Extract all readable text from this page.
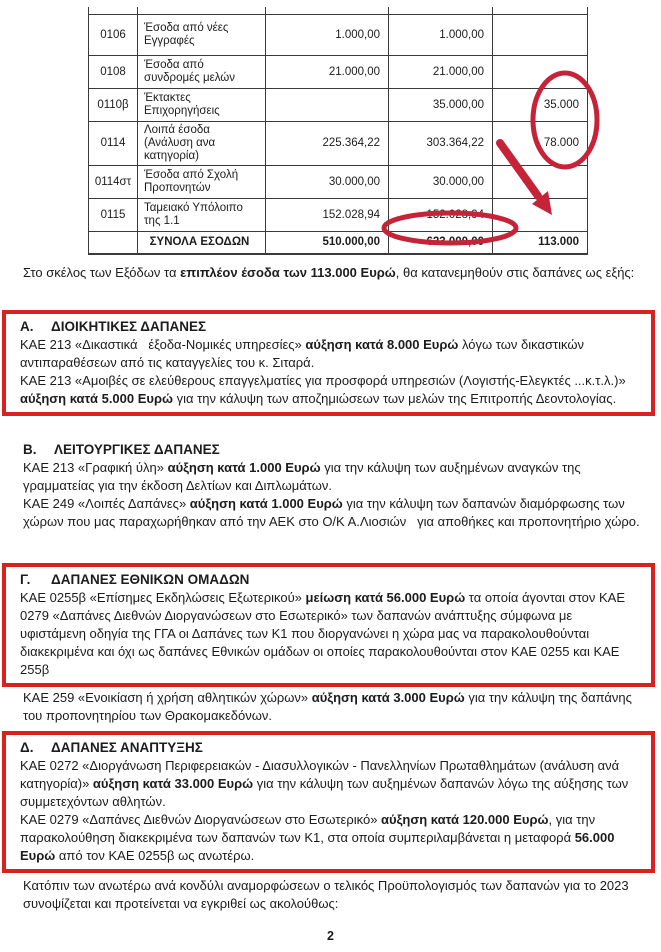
0106	Έσοδα από νέες Εγγραφές	1.000,00	1.000,00	
0108	Έσοδα από συνδρομές μελών	21.000,00	21.000,00	
0110β	Έκτακτες Επιχορηγήσεις		35.000,00	35.000
0114	Λοιπά έσοδα (Ανάλυση ανα κατηγορία)	225.364,22	303.364,22	78.000
0114στ	Έσοδα από Σχολή Προπονητών	30.000,00	30.000,00	
0115	Ταμειακό Υπόλοιπο της 1.1	152.028,94	152.028,94	
	ΣΥΝΟΛΑ ΕΣΟΔΩΝ	510.000,00	623.000,00	113.000

Στο σκέλος των Εξόδων τα επιπλέον έσοδα των 113.000 Ευρώ, θα κατανεμηθούν στις δαπάνες ως εξής:

Α. ΔΙΟΙΚΗΤΙΚΕΣ ΔΑΠΑΝΕΣ
ΚΑΕ 213 «Δικαστικά   έξοδα-Νομικές υπηρεσίες» αύξηση κατά 8.000 Ευρώ λόγω των δικαστικών αντιπαραθέσεων από τις καταγγελίες του κ. Σιταρά.
ΚΑΕ 213 «Αμοιβές σε ελεύθερους επαγγελματίες για προσφορά υπηρεσιών (Λογιστής-Ελεγκτές ...κ.τ.λ.)» αύξηση κατά 5.000 Ευρώ για την κάλυψη των αποζημιώσεων των μελών της Επιτροπής Δεοντολογίας.
Β. ΛΕΙΤΟΥΡΓΙΚΕΣ ΔΑΠΑΝΕΣ
ΚΑΕ 213 «Γραφική ύλη» αύξηση κατά 1.000 Ευρώ για την κάλυψη των αυξημένων αναγκών της γραμματείας για την έκδοση Δελτίων και Διπλωμάτων.
ΚΑΕ 249 «Λοιπές Δαπάνες» αύξηση κατά 1.000 Ευρώ για την κάλυψη των δαπανών διαμόρφωσης των χώρων που μας παραχωρήθηκαν από την ΑΕΚ στο Ο/Κ Α.Λιοσιών   για αποθήκες και προπονητήριο χώρο.
Γ. ΔΑΠΑΝΕΣ ΕΘΝΙΚΩΝ ΟΜΑΔΩΝ
ΚΑΕ 0255β «Επίσημες Εκδηλώσεις Εξωτερικού» μείωση κατά 56.000 Ευρώ τα οποία άγονται στον ΚΑΕ 0279 «Δαπάνες Διεθνών Διοργανώσεων στο Εσωτερικό» των δαπανών ανάπτυξης σύμφωνα με υφιστάμενη οδηγία της ΓΓΑ οι Δαπάνες των Κ1 που διοργανώνει η χώρα μας να παρακολουθούνται διακεκριμένα και όχι ως δαπάνες Εθνικών ομάδων οι οποίες παρακολουθούνται στον ΚΑΕ 0255 και ΚΑΕ 255β

ΚΑΕ 259 «Ενοικίαση ή χρήση αθλητικών χώρων» αύξηση κατά 3.000 Ευρώ για την κάλυψη της δαπάνης του προπονητηρίου των Θρακομακεδόνων.

Δ. ΔΑΠΑΝΕΣ ΑΝΑΠΤΥΞΗΣ
ΚΑΕ 0272 «Διοργάνωση Περιφερειακών - Διασυλλογικών - Πανελληνίων Πρωταθλημάτων (ανάλυση ανά κατηγορία)» αύξηση κατά 33.000 Ευρώ για την κάλυψη των αυξημένων δαπανών λόγω της αύξησης των συμμετεχόντων αθλητών.
ΚΑΕ 0279 «Δαπάνες Διεθνών Διοργανώσεων στο Εσωτερικό» αύξηση κατά 120.000 Ευρώ, για την παρακολούθηση διακεκριμένα των δαπανών των Κ1, στα οποία συμπεριλαμβάνεται η μεταφορά 56.000 Ευρώ από τον ΚΑΕ 0255β ως ανωτέρω.

Κατόπιν των ανωτέρω ανά κονδύλι αναμορφώσεων ο τελικός Προϋπολογισμός των δαπανών για το 2023 συνοψίζεται και προτείνεται να εγκριθεί ως ακολούθως:

2
